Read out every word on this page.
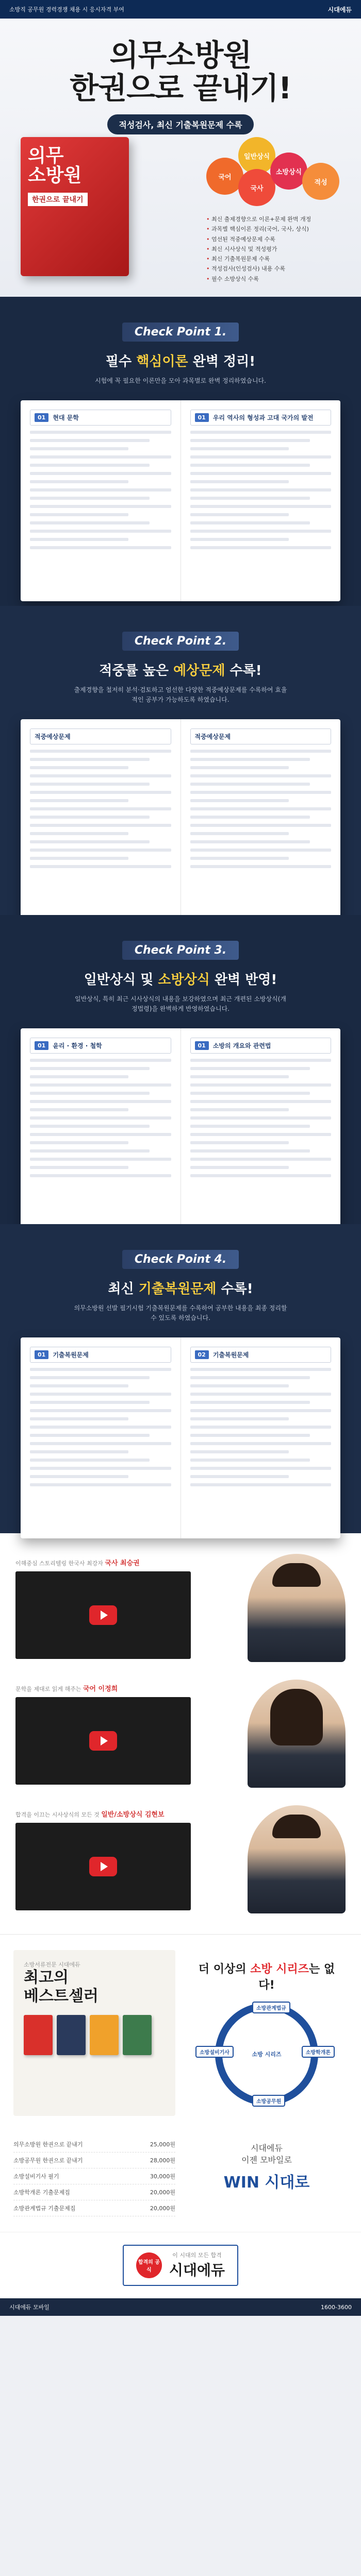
소방직 공무원 경력경쟁 채용 시 응시자격 부여	시대에듀
의무소방원
한권으로 끝내기!
적성검사, 최신 기출복원문제 수록
의무
소방원
한권으로 끝내기
국어
일반상식
국사
소방상식
적성
• 최신 출제경향으로 이론+문제 완벽 개정
• 과목별 핵심이론 정리(국어, 국사, 상식)
• 엄선된 적중예상문제 수록
• 최신 시사상식 및 적성평가
• 최신 기출복원문제 수록
• 적성검사(인성검사) 내용 수록
• 필수 소방상식 수록
Check Point 1.
필수 핵심이론 완벽 정리!

시험에 꼭 필요한 이론만을 모아 과목별로 완벽 정리하였습니다.

01	현대 문학	01	우리 역사의 형성과 고대 국가의 발전
Check Point 2.
적중률 높은 예상문제 수록!

출제경향을 철저히 분석·검토하고 엄선한 다양한 적중예상문제를 수록하여 효율적인 공부가 가능하도록 하였습니다.

적중예상문제	적중예상문제
Check Point 3.
일반상식 및 소방상식 완벽 반영!

일반상식, 특히 최근 시사상식의 내용을 보강하였으며 최근 개편된 소방상식(개정법령)을 완벽하게 반영하였습니다.

01	윤리 · 환경 · 철학	01	소방의 개요와 관련법
Check Point 4.
최신 기출복원문제 수록!

의무소방원 선발 필기시험 기출복원문제를 수록하여 공부한 내용을 최종 정리할 수 있도록 하였습니다.

01	기출복원문제	02	기출복원문제
이해중심 스토리텔링 한국사 최강자 국사 최승권
문학을 제대로 읽게 해주는 국어 이정희
합격을 이끄는 시사상식의 모든 것 일반/소방상식 김현보
소방서류전문 시대에듀
최고의
베스트셀러
더 이상의 소방 시리즈는 없다!
소방 시리즈
소방관계법규
소방학개론
소방공무원
소방설비기사
의무소방원 한권으로 끝내기	25,000원
소방공무원 한권으로 끝내기	28,000원
소방설비기사 필기	30,000원
소방학개론 기출문제집	20,000원
소방관계법규 기출문제집	20,000원
시대에듀
이젠 모바일로
WIN 시대로
합격의 공식
이 시대의 모든 합격
시대에듀
시대에듀 모바일	1600-3600
